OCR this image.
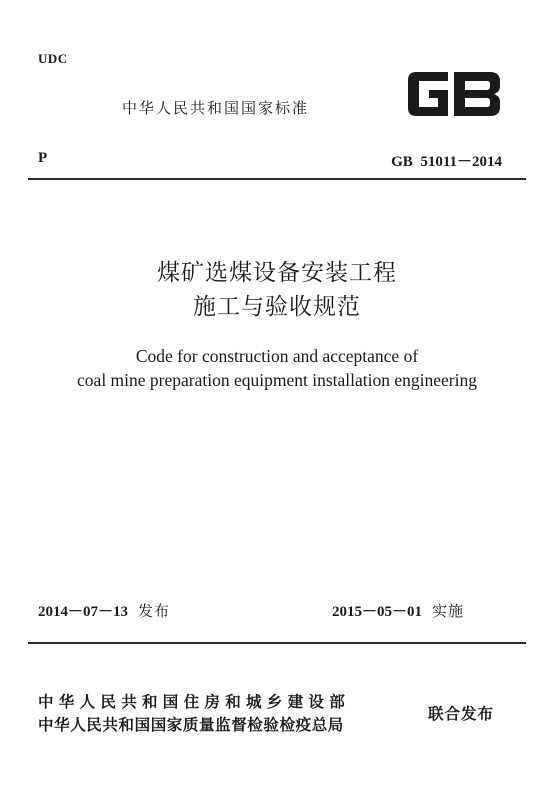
UDC
中华人民共和国国家标准
P	GB  51011－2014
煤矿选煤设备安装工程
施工与验收规范
Code for construction and acceptance of
coal mine preparation equipment installation engineering
2014－07－13 发布	2015－05－01 实施
中华人民共和国住房和城乡建设部
中华人民共和国国家质量监督检验检疫总局
联合发布
